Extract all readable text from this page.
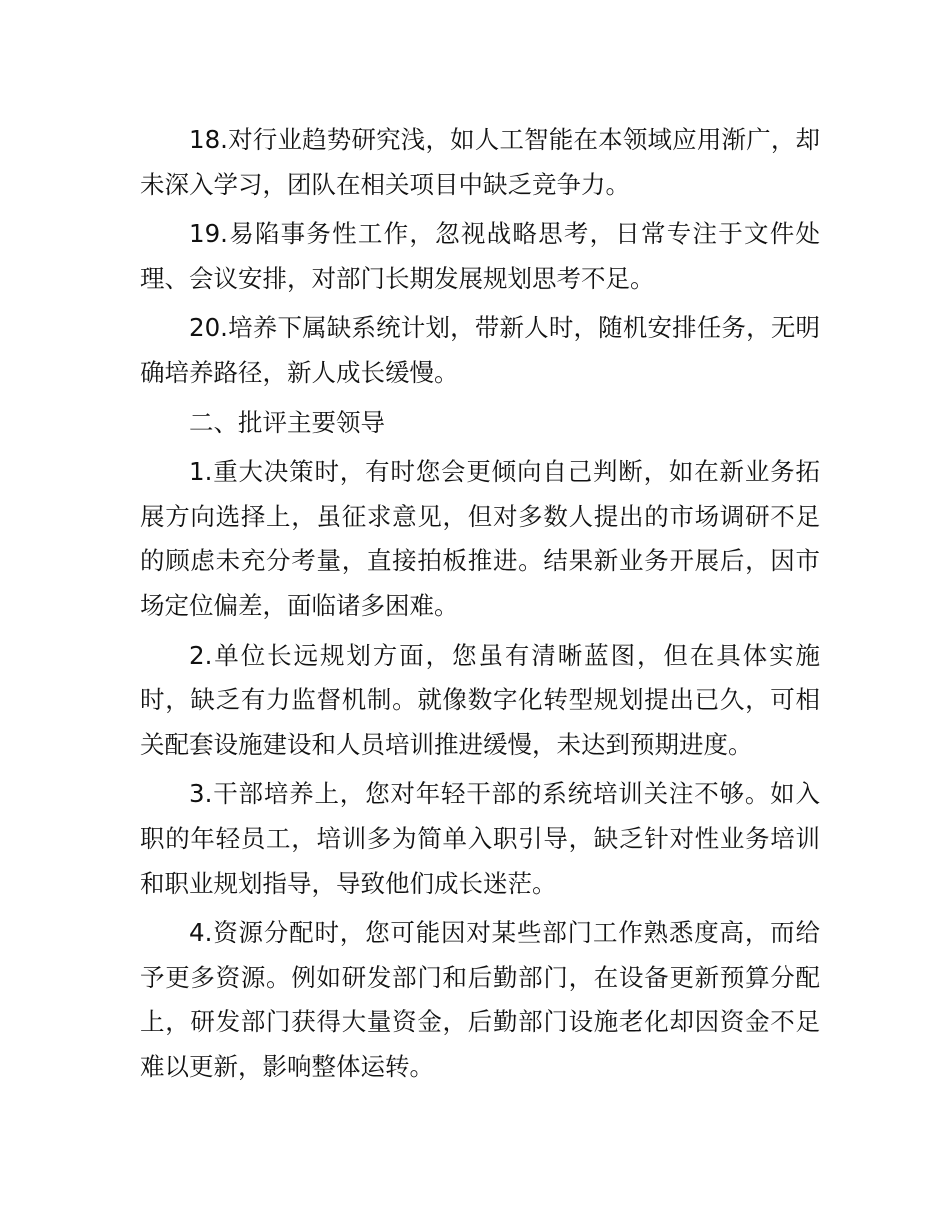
18.对行业趋势研究浅，如人工智能在本领域应用渐广，却未深入学习，团队在相关项目中缺乏竞争力。

19.易陷事务性工作，忽视战略思考，日常专注于文件处理、会议安排，对部门长期发展规划思考不足。

20.培养下属缺系统计划，带新人时，随机安排任务，无明确培养路径，新人成长缓慢。

二、批评主要领导

1.重大决策时，有时您会更倾向自己判断，如在新业务拓展方向选择上，虽征求意见，但对多数人提出的市场调研不足的顾虑未充分考量，直接拍板推进。结果新业务开展后，因市场定位偏差，面临诸多困难。

2.单位长远规划方面，您虽有清晰蓝图，但在具体实施时，缺乏有力监督机制。就像数字化转型规划提出已久，可相关配套设施建设和人员培训推进缓慢，未达到预期进度。

3.干部培养上，您对年轻干部的系统培训关注不够。如入职的年轻员工，培训多为简单入职引导，缺乏针对性业务培训和职业规划指导，导致他们成长迷茫。

4.资源分配时，您可能因对某些部门工作熟悉度高，而给予更多资源。例如研发部门和后勤部门，在设备更新预算分配上，研发部门获得大量资金，后勤部门设施老化却因资金不足难以更新，影响整体运转。
